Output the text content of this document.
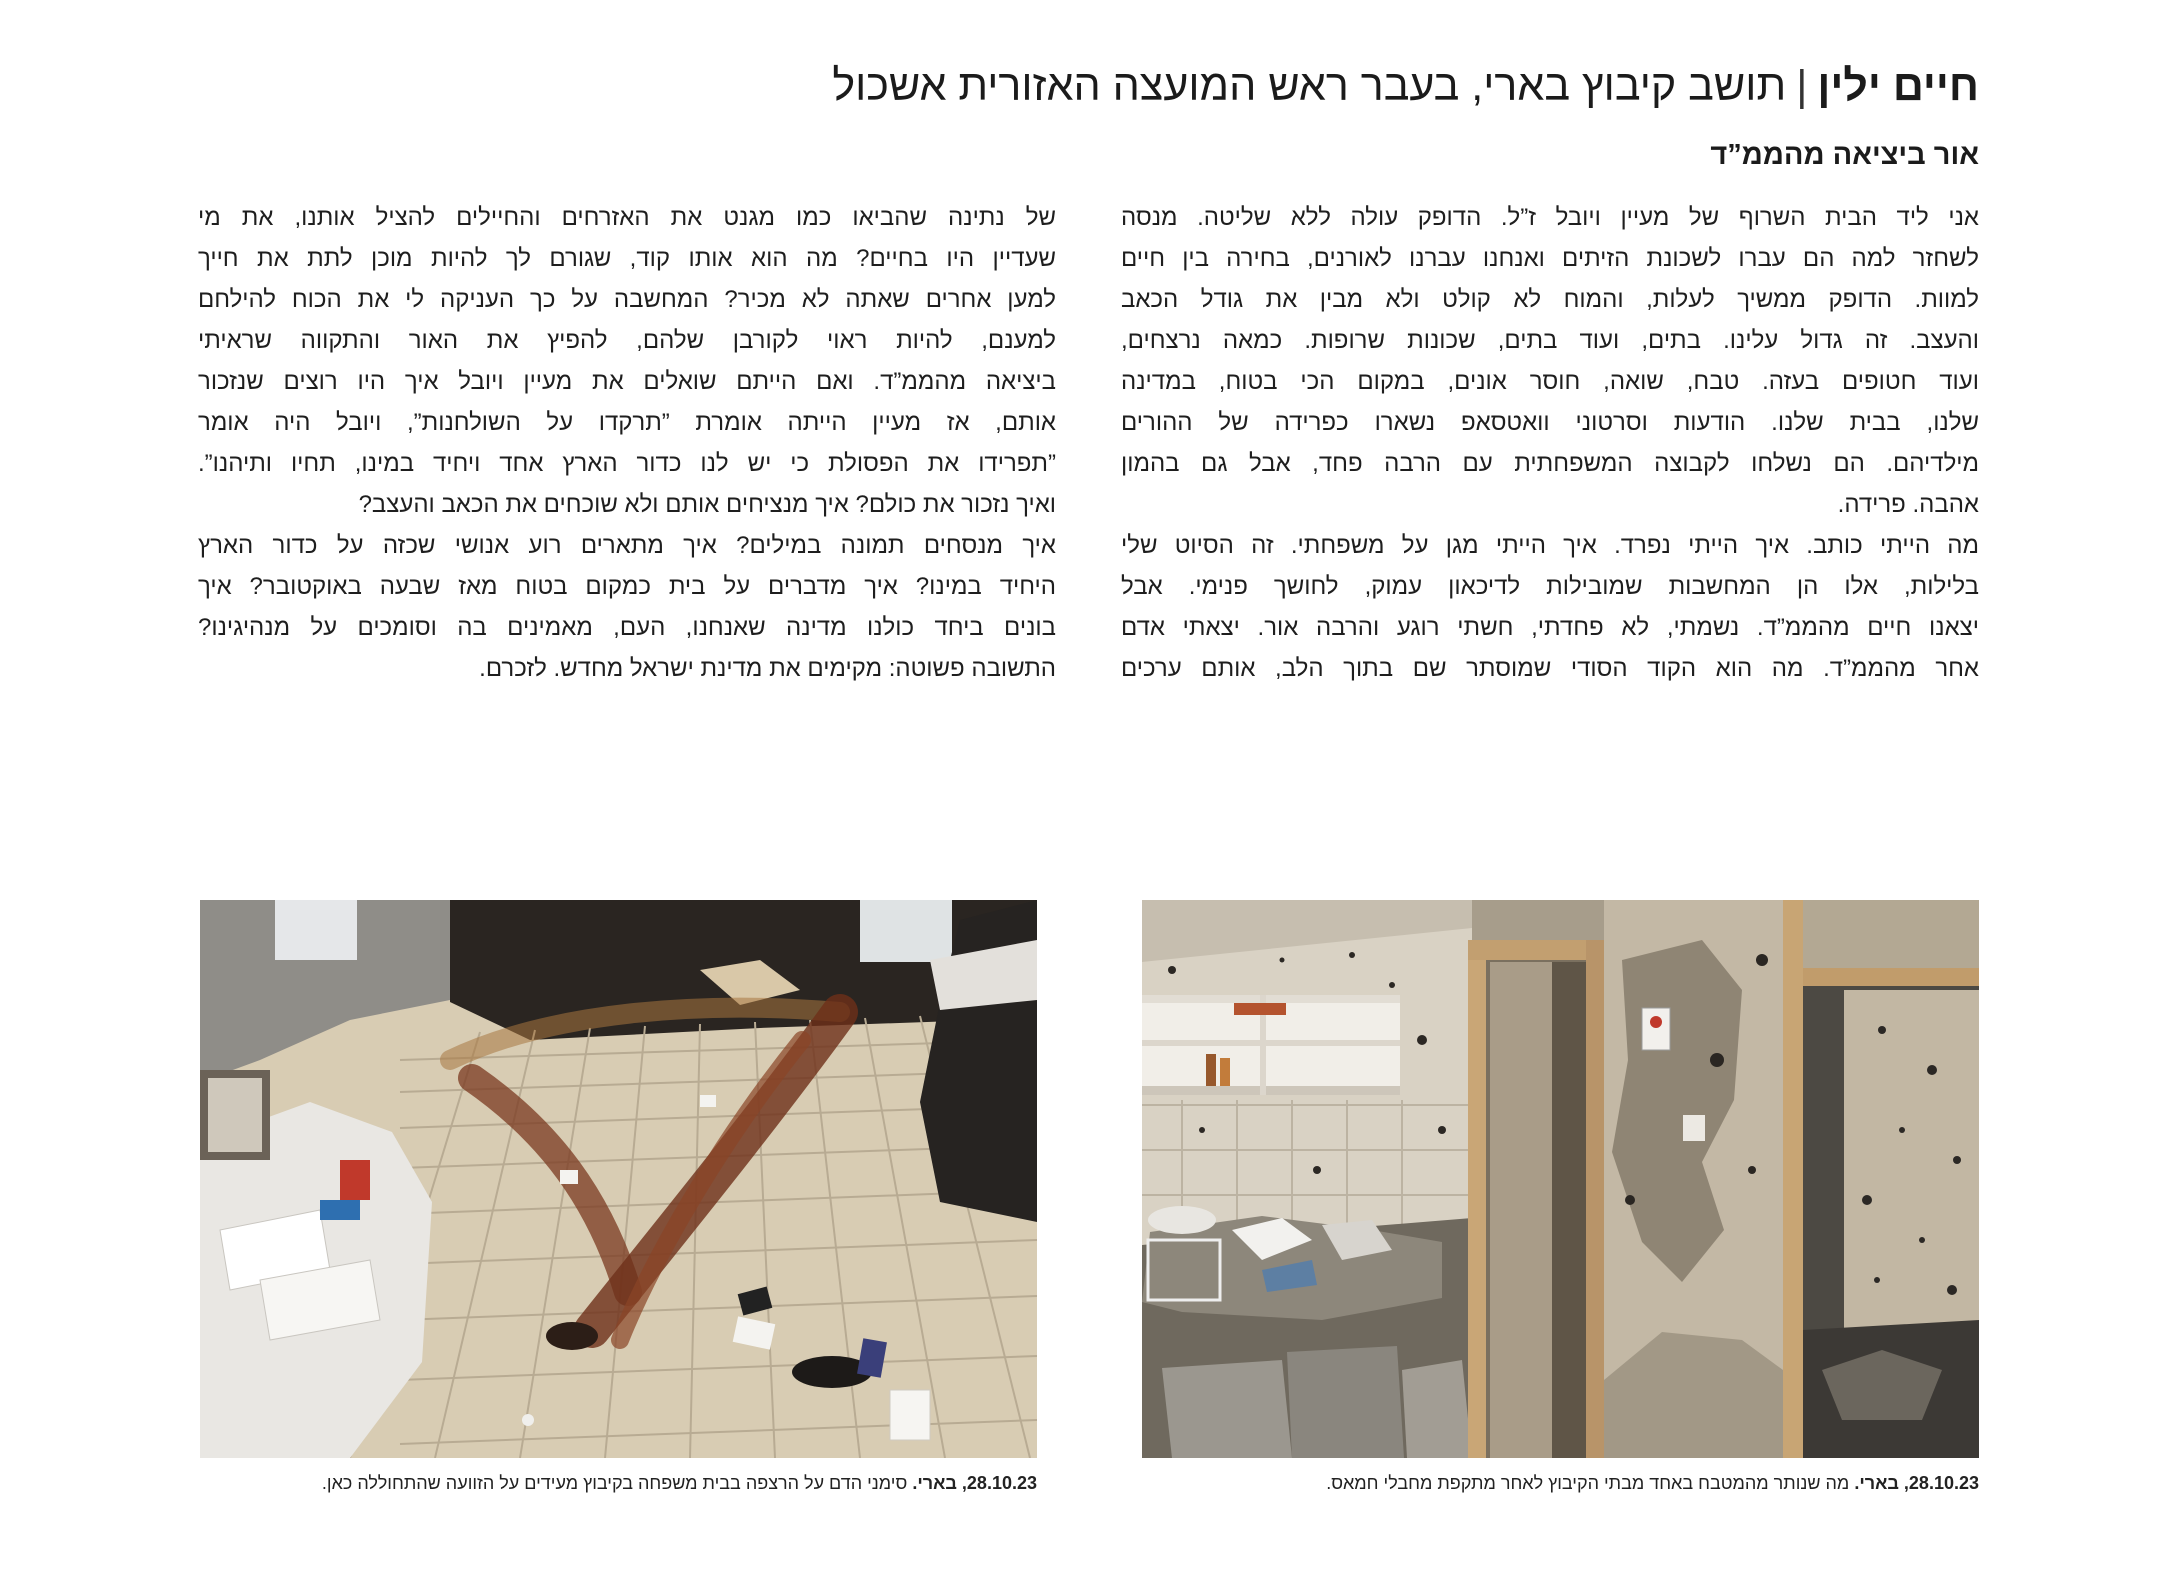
חיים ילין|תושב קיבוץ בארי, בעבר ראש המועצה האזורית אשכול
אור ביציאה מהממ”ד
אני ליד הבית השרוף של מעיין ויובל ז”ל. הדופק עולה ללא שליטה. מנסה
לשחזר למה הם עברו לשכונת הזיתים ואנחנו עברנו לאורנים, בחירה בין חיים
למוות. הדופק ממשיך לעלות, והמוח לא קולט ולא מבין את גודל הכאב
והעצב. זה גדול עלינו. בתים, ועוד בתים, שכונות שרופות. כמאה נרצחים,
ועוד חטופים בעזה. טבח, שואה, חוסר אונים, במקום הכי בטוח, במדינה
שלנו, בבית שלנו. הודעות וסרטוני וואטסאפ נשארו כפרידה של ההורים
מילדיהם. הם נשלחו לקבוצה המשפחתית עם הרבה פחד, אבל גם בהמון
אהבה. פרידה.
מה הייתי כותב. איך הייתי נפרד. איך הייתי מגן על משפחתי. זה הסיוט שלי
בלילות, אלו הן המחשבות שמובילות לדיכאון עמוק, לחושך פנימי. אבל
יצאנו חיים מהממ”ד. נשמתי, לא פחדתי, חשתי רוגע והרבה אור. יצאתי אדם
אחר מהממ”ד. מה הוא הקוד הסודי שמוסתר שם בתוך הלב, אותם ערכים
של נתינה שהביאו כמו מגנט את האזרחים והחיילים להציל אותנו, את מי
שעדיין היו בחיים? מה הוא אותו קוד, שגורם לך להיות מוכן לתת את חייך
למען אחרים שאתה לא מכיר? המחשבה על כך העניקה לי את הכוח להילחם
למענם, להיות ראוי לקורבן שלהם, להפיץ את האור והתקווה שראיתי
ביציאה מהממ”ד. ואם הייתם שואלים את מעיין ויובל איך היו רוצים שנזכור
אותם, אז מעיין הייתה אומרת ”תרקדו על השולחנות”, ויובל היה אומר
”תפרידו את הפסולת כי יש לנו כדור הארץ אחד ויחיד במינו, תחיו ותיהנו”.
ואיך נזכור את כולם? איך מנציחים אותם ולא שוכחים את הכאב והעצב?
איך מנסחים תמונה במילים? איך מתארים רוע אנושי שכזה על כדור הארץ
היחיד במינו? איך מדברים על בית כמקום בטוח מאז שבעה באוקטובר? איך
בונים ביחד כולנו מדינה שאנחנו, העם, מאמינים בה וסומכים על מנהיגינו?
התשובה פשוטה: מקימים את מדינת ישראל מחדש. לזכרם.
28.10.23, בארי. מה שנותר מהמטבח באחד מבתי הקיבוץ לאחר מתקפת מחבלי חמאס.
28.10.23, בארי. סימני הדם על הרצפה בבית משפחה בקיבוץ מעידים על הזוועה שהתחוללה כאן.
